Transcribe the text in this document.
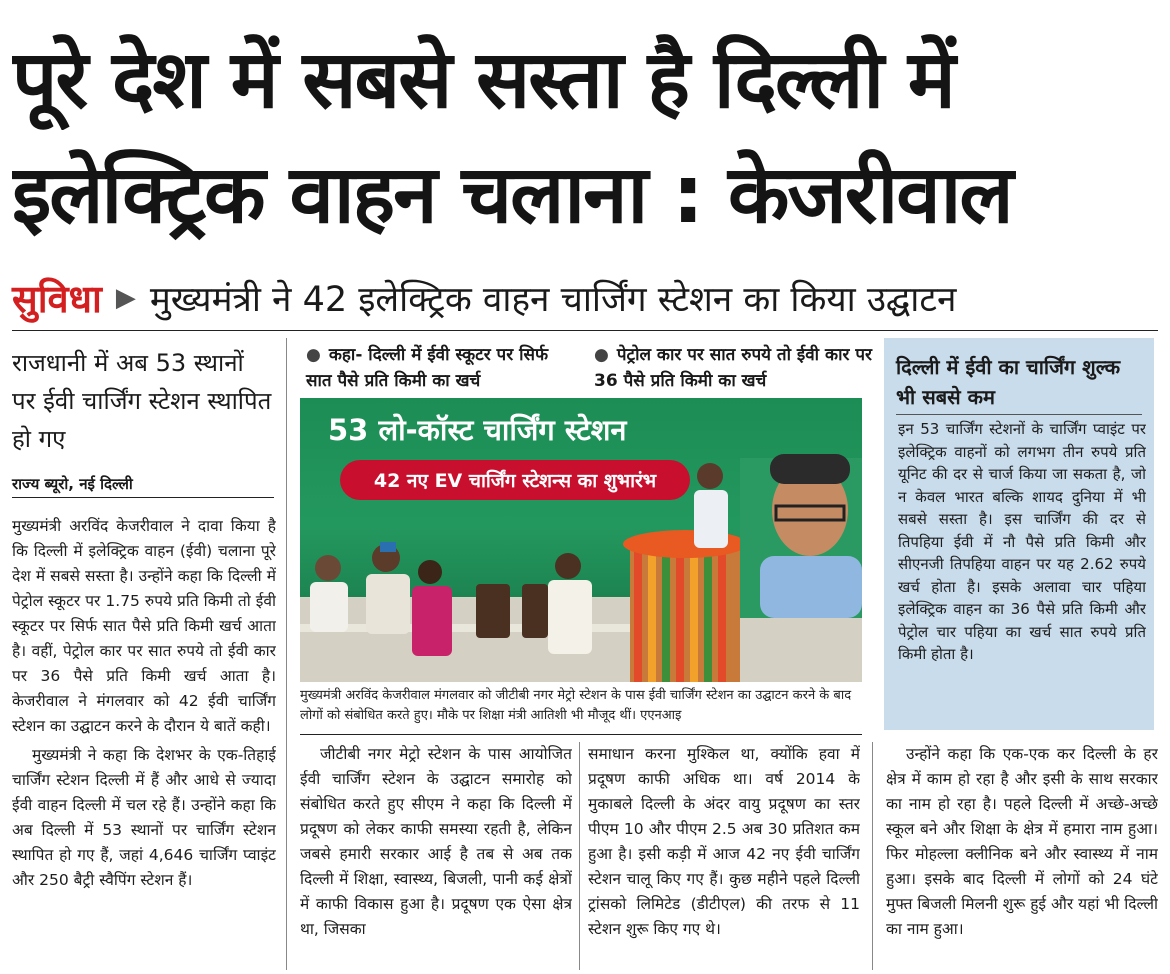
पूरे देश में सबसे सस्ता है दिल्ली में
इलेक्ट्रिक वाहन चलाना : केजरीवाल
सुविधा ▶ मुख्यमंत्री ने 42 इलेक्ट्रिक वाहन चार्जिंग स्टेशन का किया उद्घाटन
राजधानी में अब 53 स्थानों पर ईवी चार्जिंग स्टेशन स्थापित हो गए
राज्य ब्यूरो, नई दिल्ली

मुख्यमंत्री अरविंद केजरीवाल ने दावा किया है कि दिल्ली में इलेक्ट्रिक वाहन (ईवी) चलाना पूरे देश में सबसे सस्ता है। उन्होंने कहा कि दिल्ली में पेट्रोल स्कूटर पर 1.75 रुपये प्रति किमी तो ईवी स्कूटर पर सिर्फ सात पैसे प्रति किमी खर्च आता है। वहीं, पेट्रोल कार पर सात रुपये तो ईवी कार पर 36 पैसे प्रति किमी खर्च आता है। केजरीवाल ने मंगलवार को 42 ईवी चार्जिंग स्टेशन का उद्घाटन करने के दौरान ये बातें कही।

मुख्यमंत्री ने कहा कि देशभर के एक-तिहाई चार्जिंग स्टेशन दिल्ली में हैं और आधे से ज्यादा ईवी वाहन दिल्ली में चल रहे हैं। उन्होंने कहा कि अब दिल्ली में 53 स्थानों पर चार्जिंग स्टेशन स्थापित हो गए हैं, जहां 4,646 चार्जिंग प्वाइंट और 250 बैट्री स्वैपिंग स्टेशन हैं।

● कहा- दिल्ली में ईवी स्कूटर पर सिर्फ सात पैसे प्रति किमी का खर्च
● पेट्रोल कार पर सात रुपये तो ईवी कार पर 36 पैसे प्रति किमी का खर्च
53 लो-कॉस्ट चार्जिंग स्टेशन
42 नए EV चार्जिंग स्टेशन्स का शुभारंभ
मुख्यमंत्री अरविंद केजरीवाल मंगलवार को जीटीबी नगर मेट्रो स्टेशन के पास ईवी चार्जिंग स्टेशन का उद्घाटन करने के बाद लोगों को संबोधित करते हुए। मौके पर शिक्षा मंत्री आतिशी भी मौजूद थीं। एएनआइ

जीटीबी नगर मेट्रो स्टेशन के पास आयोजित ईवी चार्जिंग स्टेशन के उद्घाटन समारोह को संबोधित करते हुए सीएम ने कहा कि दिल्ली में प्रदूषण को लेकर काफी समस्या रहती है, लेकिन जबसे हमारी सरकार आई है तब से अब तक दिल्ली में शिक्षा, स्वास्थ्य, बिजली, पानी कई क्षेत्रों में काफी विकास हुआ है। प्रदूषण एक ऐसा क्षेत्र था, जिसका

समाधान करना मुश्किल था, क्योंकि हवा में प्रदूषण काफी अधिक था। वर्ष 2014 के मुकाबले दिल्ली के अंदर वायु प्रदूषण का स्तर पीएम 10 और पीएम 2.5 अब 30 प्रतिशत कम हुआ है। इसी कड़ी में आज 42 नए ईवी चार्जिंग स्टेशन चालू किए गए हैं। कुछ महीने पहले दिल्ली ट्रांसको लिमिटेड (डीटीएल) की तरफ से 11 स्टेशन शुरू किए गए थे।

दिल्ली में ईवी का चार्जिंग शुल्क भी सबसे कम
इन 53 चार्जिंग स्टेशनों के चार्जिंग प्वाइंट पर इलेक्ट्रिक वाहनों को लगभग तीन रुपये प्रति यूनिट की दर से चार्ज किया जा सकता है, जो न केवल भारत बल्कि शायद दुनिया में भी सबसे सस्ता है। इस चार्जिंग की दर से तिपहिया ईवी में नौ पैसे प्रति किमी और सीएनजी तिपहिया वाहन पर यह 2.62 रुपये खर्च होता है। इसके अलावा चार पहिया इलेक्ट्रिक वाहन का 36 पैसे प्रति किमी और पेट्रोल चार पहिया का खर्च सात रुपये प्रति किमी होता है।

उन्होंने कहा कि एक-एक कर दिल्ली के हर क्षेत्र में काम हो रहा है और इसी के साथ सरकार का नाम हो रहा है। पहले दिल्ली में अच्छे-अच्छे स्कूल बने और शिक्षा के क्षेत्र में हमारा नाम हुआ। फिर मोहल्ला क्लीनिक बने और स्वास्थ्य में नाम हुआ। इसके बाद दिल्ली में लोगों को 24 घंटे मुफ्त बिजली मिलनी शुरू हुई और यहां भी दिल्ली का नाम हुआ।
